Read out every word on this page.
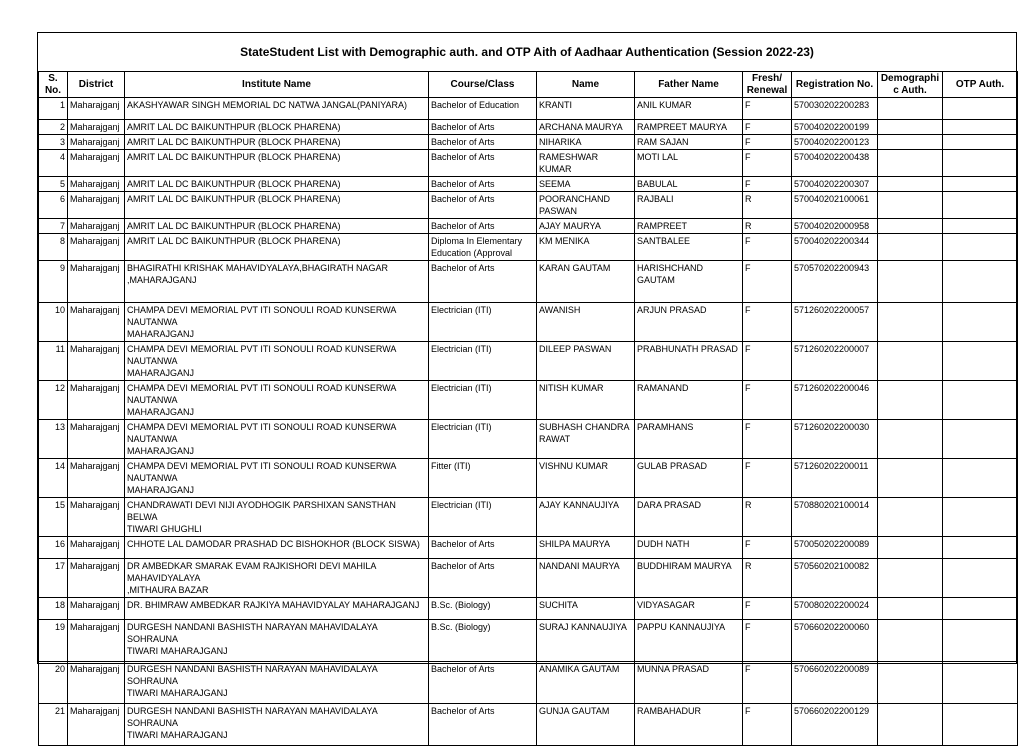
StateStudent List with Demographic auth. and OTP Aith of Aadhaar Authentication (Session 2022-23)
S.
No.	District	Institute Name	Course/Class	Name	Father Name	Fresh/
Renewal	Registration No.	Demographi
c Auth.	OTP Auth.
1	Maharajganj	AKASHYAWAR SINGH MEMORIAL DC NATWA JANGAL(PANIYARA)	Bachelor of Education	KRANTI	ANIL KUMAR	F	570030202200283		
2	Maharajganj	AMRIT LAL DC BAIKUNTHPUR (BLOCK PHARENA)	Bachelor of Arts	ARCHANA MAURYA	RAMPREET MAURYA	F	570040202200199		
3	Maharajganj	AMRIT LAL DC BAIKUNTHPUR (BLOCK PHARENA)	Bachelor of Arts	NIHARIKA	RAM SAJAN	F	570040202200123		
4	Maharajganj	AMRIT LAL DC BAIKUNTHPUR (BLOCK PHARENA)	Bachelor of Arts	RAMESHWAR KUMAR	MOTI LAL	F	570040202200438		
5	Maharajganj	AMRIT LAL DC BAIKUNTHPUR (BLOCK PHARENA)	Bachelor of Arts	SEEMA	BABULAL	F	570040202200307		
6	Maharajganj	AMRIT LAL DC BAIKUNTHPUR (BLOCK PHARENA)	Bachelor of Arts	POORANCHAND
PASWAN	RAJBALI	R	570040202100061		
7	Maharajganj	AMRIT LAL DC BAIKUNTHPUR (BLOCK PHARENA)	Bachelor of Arts	AJAY MAURYA	RAMPREET	R	570040202000958		
8	Maharajganj	AMRIT LAL DC BAIKUNTHPUR (BLOCK PHARENA)	Diploma In Elementary
Education (Approval	KM MENIKA	SANTBALEE	F	570040202200344		
9	Maharajganj	BHAGIRATHI KRISHAK MAHAVIDYALAYA,BHAGIRATH NAGAR
,MAHARAJGANJ	Bachelor of Arts	KARAN GAUTAM	HARISHCHAND GAUTAM	F	570570202200943		
10	Maharajganj	CHAMPA DEVI MEMORIAL PVT ITI SONOULI ROAD KUNSERWA NAUTANWA
MAHARAJGANJ	Electrician (ITI)	AWANISH	ARJUN PRASAD	F	571260202200057		
11	Maharajganj	CHAMPA DEVI MEMORIAL PVT ITI SONOULI ROAD KUNSERWA NAUTANWA
MAHARAJGANJ	Electrician (ITI)	DILEEP PASWAN	PRABHUNATH PRASAD	F	571260202200007		
12	Maharajganj	CHAMPA DEVI MEMORIAL PVT ITI SONOULI ROAD KUNSERWA NAUTANWA
MAHARAJGANJ	Electrician (ITI)	NITISH KUMAR	RAMANAND	F	571260202200046		
13	Maharajganj	CHAMPA DEVI MEMORIAL PVT ITI SONOULI ROAD KUNSERWA NAUTANWA
MAHARAJGANJ	Electrician (ITI)	SUBHASH CHANDRA
RAWAT	PARAMHANS	F	571260202200030		
14	Maharajganj	CHAMPA DEVI MEMORIAL PVT ITI SONOULI ROAD KUNSERWA NAUTANWA
MAHARAJGANJ	Fitter (ITI)	VISHNU KUMAR	GULAB PRASAD	F	571260202200011		
15	Maharajganj	CHANDRAWATI DEVI NIJI AYODHOGIK PARSHIXAN SANSTHAN BELWA
TIWARI GHUGHLI	Electrician (ITI)	AJAY KANNAUJIYA	DARA PRASAD	R	570880202100014		
16	Maharajganj	CHHOTE LAL DAMODAR PRASHAD DC BISHOKHOR (BLOCK SISWA)	Bachelor of Arts	SHILPA MAURYA	DUDH NATH	F	570050202200089		
17	Maharajganj	DR AMBEDKAR SMARAK EVAM RAJKISHORI DEVI MAHILA MAHAVIDYALAYA
,MITHAURA BAZAR	Bachelor of Arts	NANDANI MAURYA	BUDDHIRAM MAURYA	R	570560202100082		
18	Maharajganj	DR. BHIMRAW AMBEDKAR RAJKIYA MAHAVIDYALAY MAHARAJGANJ	B.Sc. (Biology)	SUCHITA	VIDYASAGAR	F	570080202200024		
19	Maharajganj	DURGESH NANDANI BASHISTH NARAYAN MAHAVIDALAYA SOHRAUNA
TIWARI MAHARAJGANJ	B.Sc. (Biology)	SURAJ KANNAUJIYA	PAPPU KANNAUJIYA	F	570660202200060		
20	Maharajganj	DURGESH NANDANI BASHISTH NARAYAN MAHAVIDALAYA SOHRAUNA
TIWARI MAHARAJGANJ	Bachelor of Arts	ANAMIKA GAUTAM	MUNNA PRASAD	F	570660202200089		
21	Maharajganj	DURGESH NANDANI BASHISTH NARAYAN MAHAVIDALAYA SOHRAUNA
TIWARI MAHARAJGANJ	Bachelor of Arts	GUNJA GAUTAM	RAMBAHADUR	F	570660202200129		
